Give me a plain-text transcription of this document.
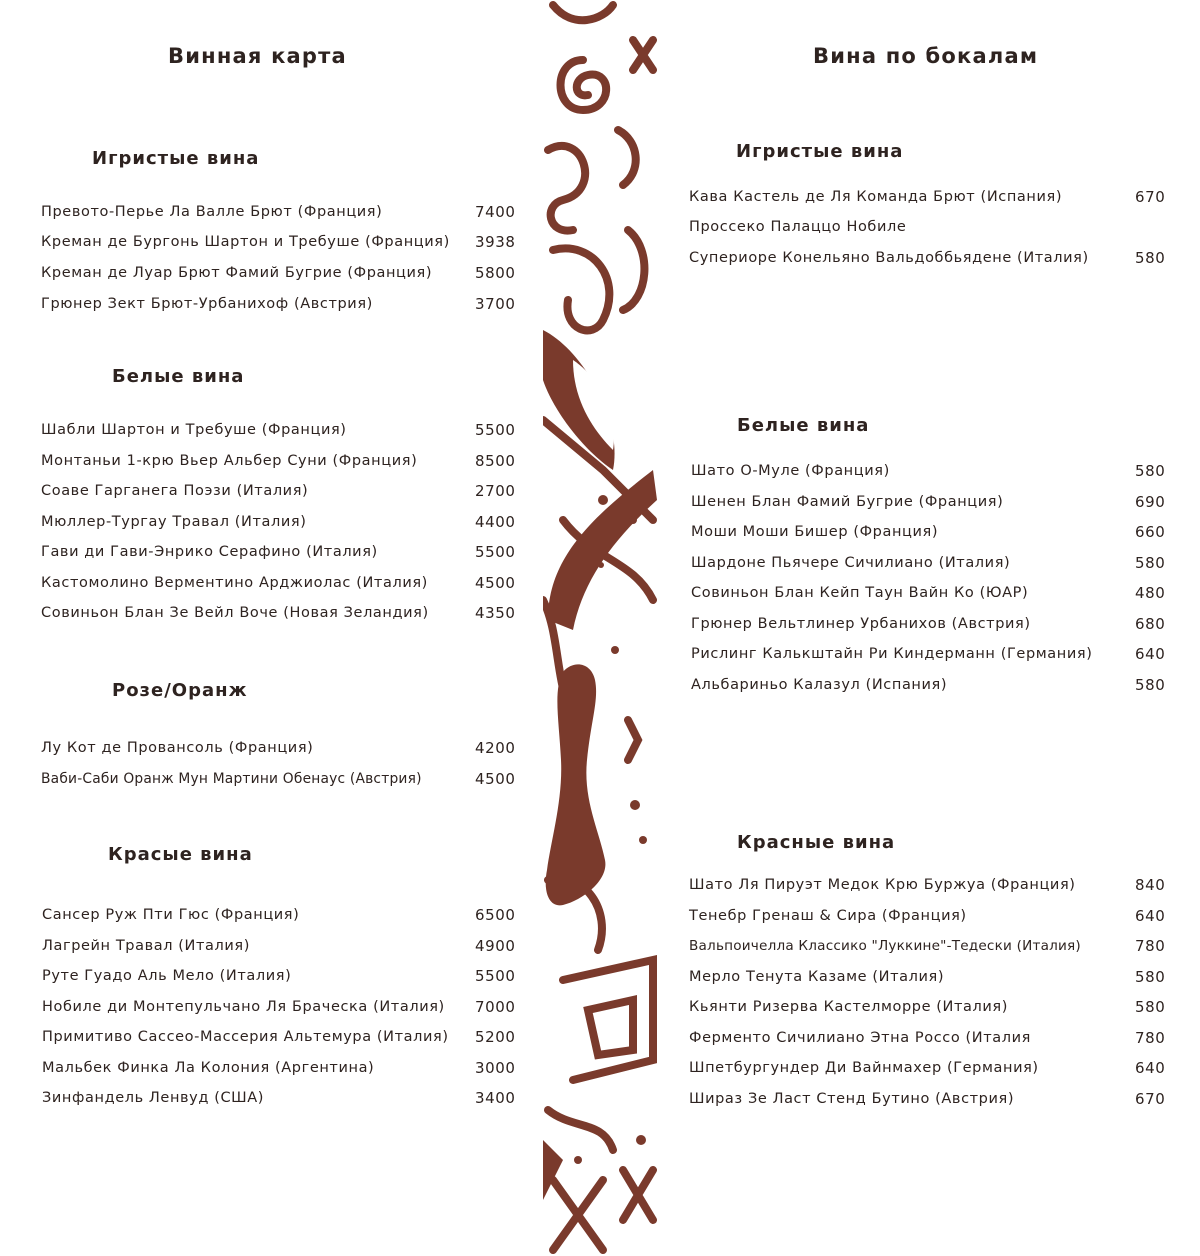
Винная карта
Игристые вина
Превото-Перье Ла Валле Брют (Франция)	7400
Креман де Бургонь Шартон и Требуше (Франция) 3938
Креман де Луар Брют Фамий Бугрие (Франция)	5800
Грюнер Зект Брют-Урбанихоф (Австрия)	3700
Белые вина
Шабли Шартон и Требуше (Франция)	5500
Монтаньи 1-крю Вьер Альбер Суни (Франция)	8500
Соаве Гарганега Поэзи (Италия)	2700
Мюллер-Тургау Травал (Италия)	4400
Гави ди Гави-Энрико Серафино (Италия)	5500
Кастомолино Верментино Арджиолас (Италия)	4500
Совиньон Блан Зе Вейл Воче (Новая Зеландия)	4350
Розе/Оранж
Лу Кот де Провансоль (Франция)	4200
Ваби-Саби Оранж Мун Мартини Обенаус (Австрия)	4500
Красые вина
Сансер Руж Пти Гюс (Франция)	6500
Лагрейн Травал (Италия)	4900
Руте Гуадо Аль Мело (Италия)	5500
Нобиле ди Монтепульчано Ля Браческа (Италия) 7000
Примитиво Сассео-Массерия Альтемура (Италия) 5200
Мальбек Финка Ла Колония (Аргентина)	3000
Зинфандель Ленвуд (США)	3400
Вина по бокалам
Игристые вина
Кава Кастель де Ля Команда Брют (Испания)	670
Проссеко Палаццо Нобиле
Супериоре Конельяно Вальдоббьядене (Италия)	580
Белые вина
Шато О-Муле (Франция)	580
Шенен Блан Фамий Бугрие (Франция)	690
Моши Моши Бишер (Франция)	660
Шардоне Пьячере Сичилиано (Италия)	580
Совиньон Блан Кейп Таун Вайн Ко (ЮАР)	480
Грюнер Вельтлинер Урбанихов (Австрия)	680
Рислинг Калькштайн Ри Киндерманн (Германия)	640
Альбариньо Калазул (Испания)	580
Красные вина
Шато Ля Пируэт Медок Крю Буржуа (Франция)	840
Тенебр Гренаш & Сира (Франция)	640
Вальпоичелла Классико "Луккине"-Тедески (Италия)	780
Мерло Тенута Казаме (Италия)	580
Кьянти Ризерва Кастелморре (Италия)	580
Ферменто Сичилиано Этна Россо (Италия	780
Шпетбургундер Ди Вайнмахер (Германия)	640
Шираз Зе Ласт Стенд Бутино (Австрия)	670
